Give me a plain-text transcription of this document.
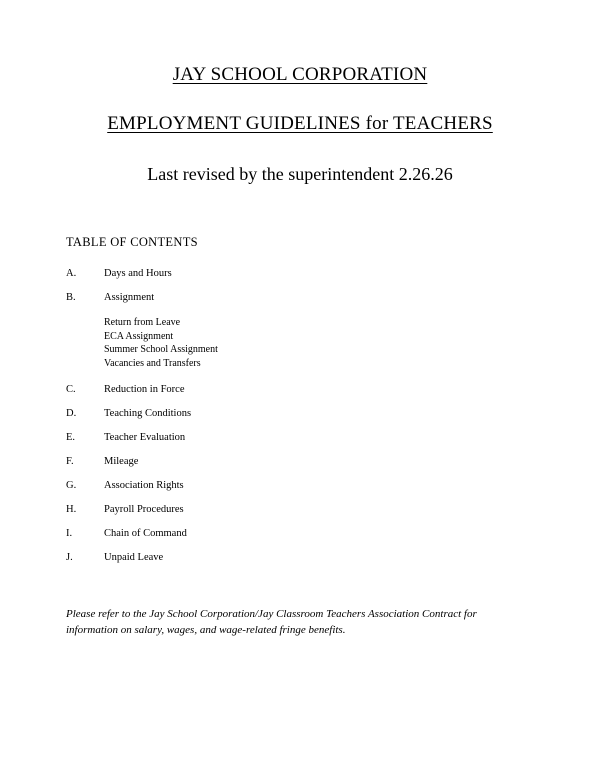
JAY SCHOOL CORPORATION
EMPLOYMENT GUIDELINES for TEACHERS

Last revised by the superintendent 2.26.26

TABLE OF CONTENTS
A.	Days and Hours
B.	Assignment
Return from Leave
ECA Assignment
Summer School Assignment
Vacancies and Transfers
C.	Reduction in Force
D.	Teaching Conditions
E.	Teacher Evaluation
F.	Mileage
G.	Association Rights
H.	Payroll Procedures
I.	Chain of Command
J.	Unpaid Leave

Please refer to the Jay School Corporation/Jay Classroom Teachers Association Contract for

information on salary, wages, and wage-related fringe benefits.
